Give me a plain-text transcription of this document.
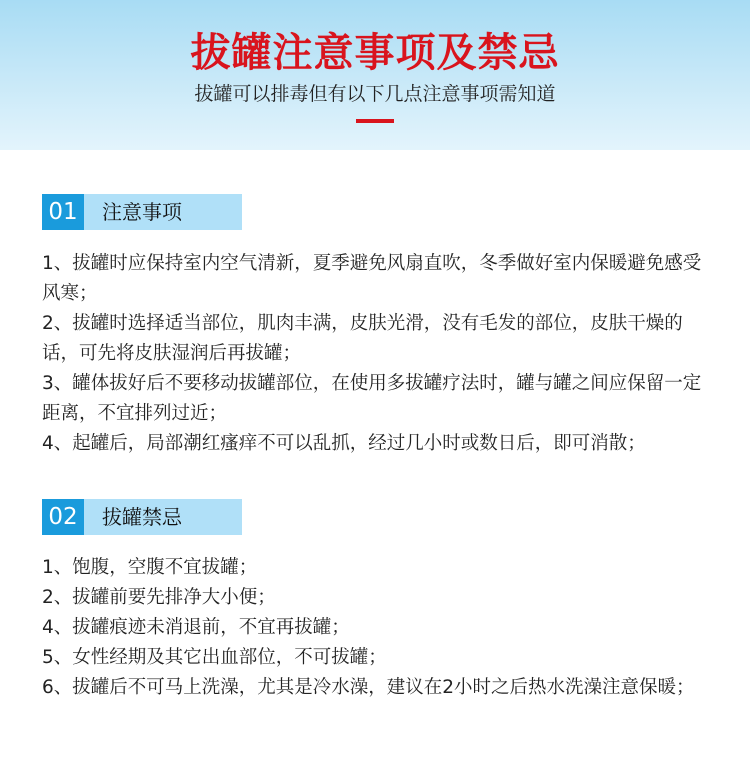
拔罐注意事项及禁忌
拔罐可以排毒但有以下几点注意事项需知道
01	注意事项

1、拔罐时应保持室内空气清新，夏季避免风扇直吹，冬季做好室内保暖避免感受风寒；

2、拔罐时选择适当部位，肌肉丰满，皮肤光滑，没有毛发的部位，皮肤干燥的话，可先将皮肤湿润后再拔罐；

3、罐体拔好后不要移动拔罐部位，在使用多拔罐疗法时，罐与罐之间应保留一定距离，不宜排列过近；

4、起罐后，局部潮红瘙痒不可以乱抓，经过几小时或数日后，即可消散；

02	拔罐禁忌

1、饱腹，空腹不宜拔罐；

2、拔罐前要先排净大小便；

4、拔罐痕迹未消退前，不宜再拔罐；

5、女性经期及其它出血部位，不可拔罐；

6、拔罐后不可马上洗澡，尤其是冷水澡，建议在2小时之后热水洗澡注意保暖；
